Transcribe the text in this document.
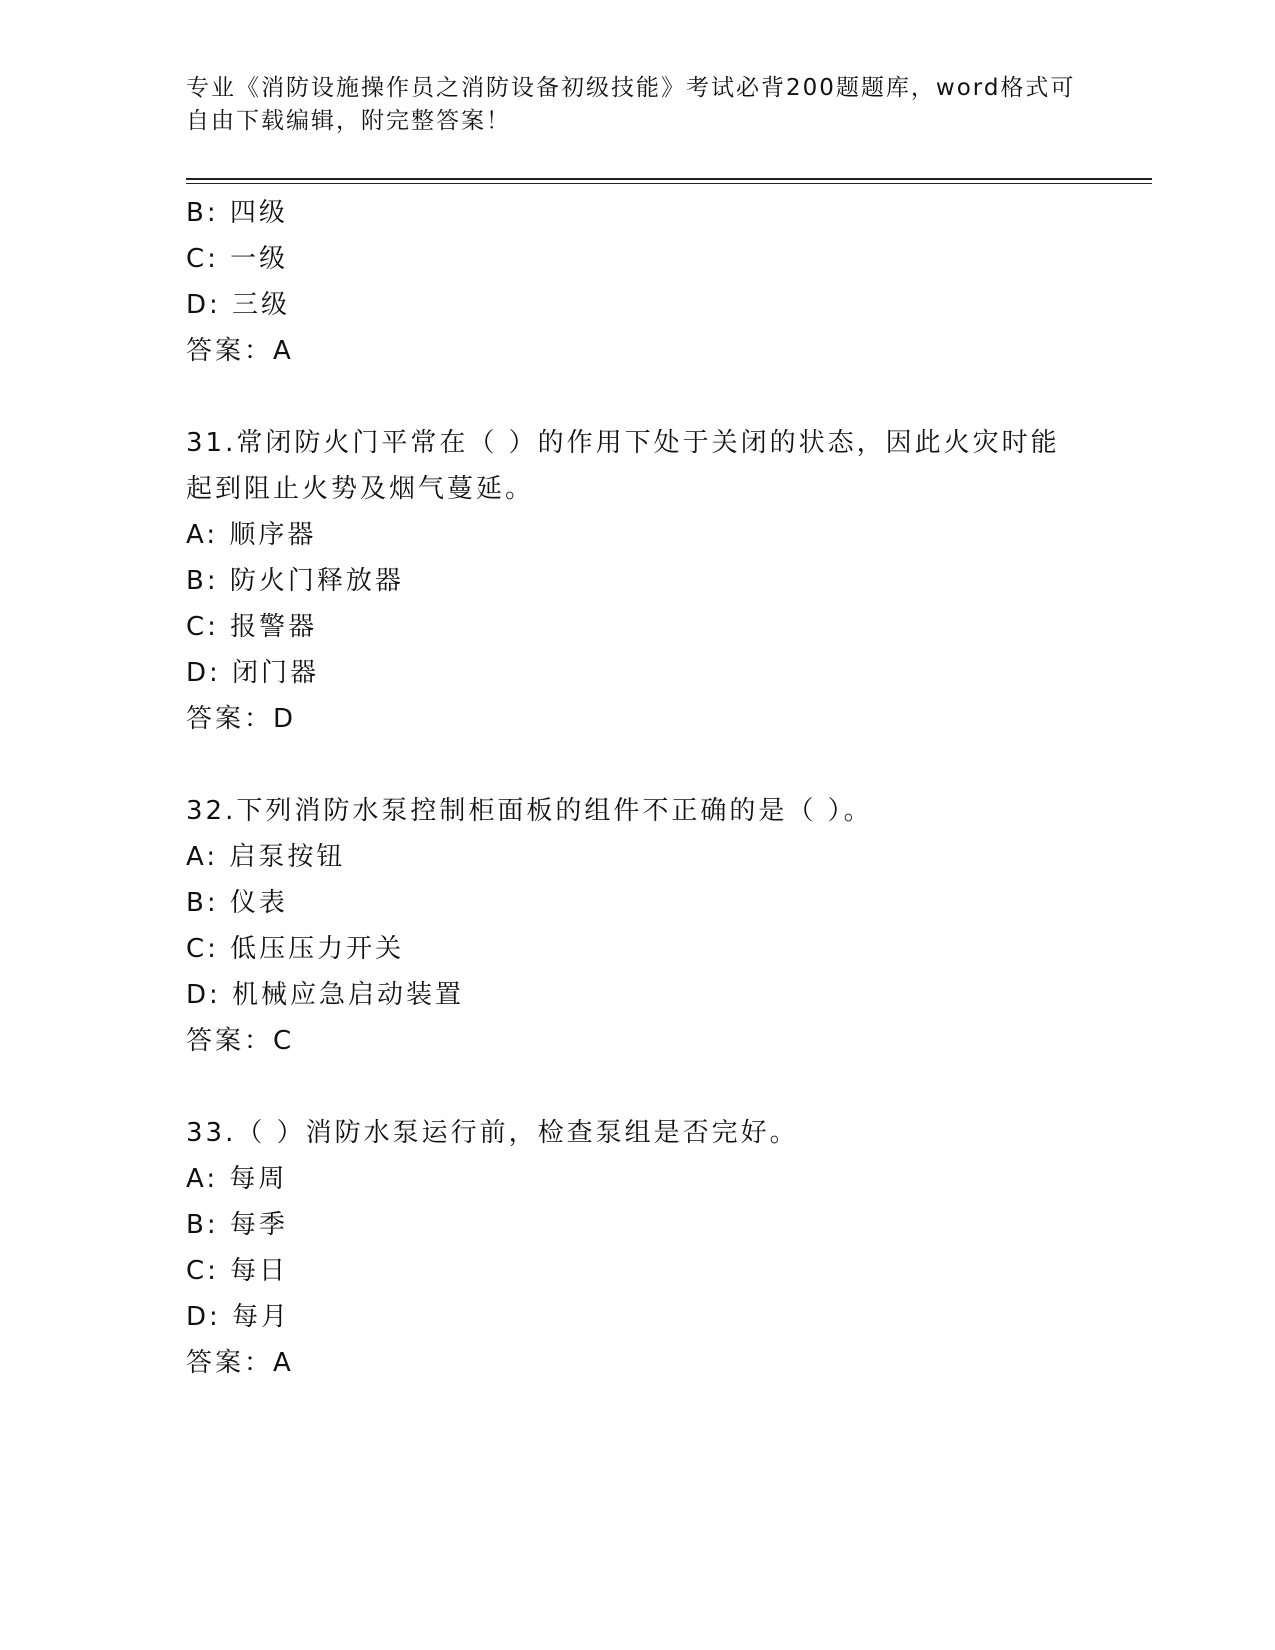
专业《消防设施操作员之消防设备初级技能》考试必背200题题库，word格式可
自由下载编辑，附完整答案！
B: 四级
C: 一级
D: 三级
答案：A
31.常闭防火门平常在（ ）的作用下处于关闭的状态，因此火灾时能
起到阻止火势及烟气蔓延。
A: 顺序器
B: 防火门释放器
C: 报警器
D: 闭门器
答案：D
32.下列消防水泵控制柜面板的组件不正确的是（ ）。
A: 启泵按钮
B: 仪表
C: 低压压力开关
D: 机械应急启动装置
答案：C
33.（ ）消防水泵运行前，检查泵组是否完好。
A: 每周
B: 每季
C: 每日
D: 每月
答案：A
